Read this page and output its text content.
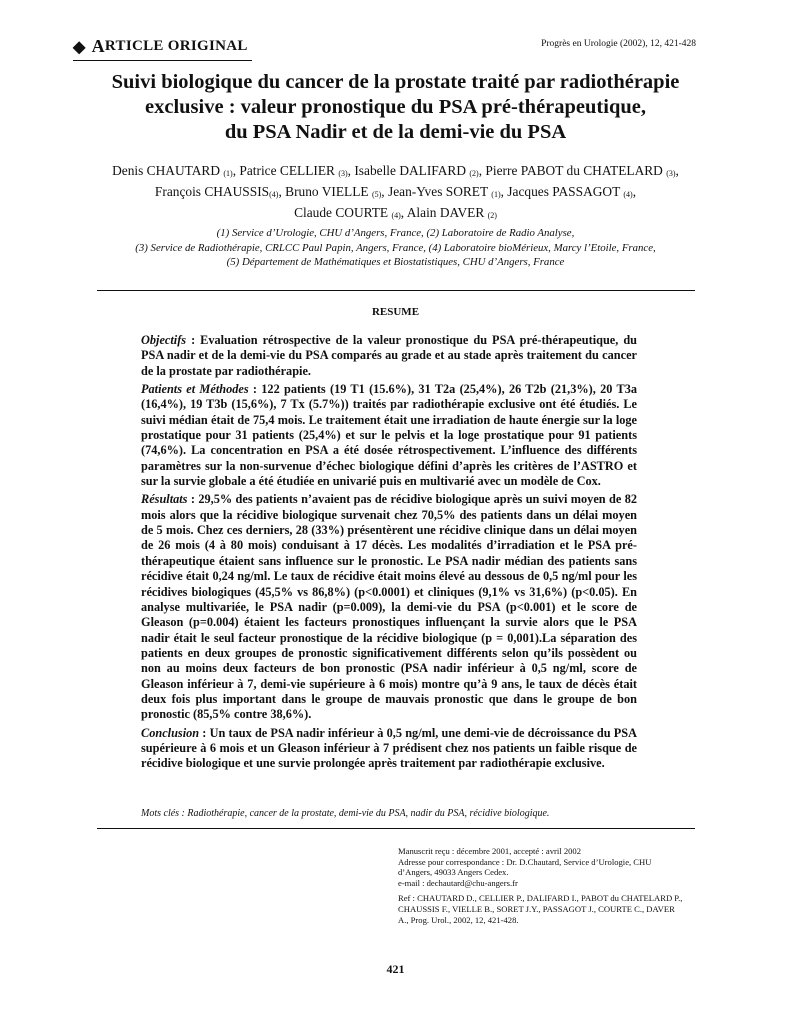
◆ A RTICLE ORIGINAL	Progrès en Urologie (2002), 12, 421-428
Suivi biologique du cancer de la prostate traité par radiothérapie
exclusive : valeur pronostique du PSA pré-thérapeutique,
du PSA Nadir et de la demi-vie du PSA
Denis CHAUTARD $_{(1)}$, Patrice CELLIER $_{(3)}$, Isabelle DALIFARD $_{(2)}$, Pierre PABOT du CHATELARD $_{(3)}$,
François $CHAUSSIS_{(4)}$, Bruno VIELLE $_{(5)}$, Jean-Yves SORET $_{(1)}$, Jacques PASSAGOT $_{(4)}$,
Claude COURTE $_{(4)}$, Alain DAVER $_{(2)}$
(1) Service d’Urologie, CHU d’Angers, France, (2) Laboratoire de Radio Analyse,
(3) Service de Radiothérapie, CRLCC Paul Papin, Angers, France, (4) Laboratoire bioMérieux, Marcy l’Etoile, France,
(5) Département de Mathématiques et Biostatistiques, CHU d’Angers, France
RESUME

Objectifs : Evaluation rétrospective de la valeur pronostique du PSA pré-thérapeutique, du PSA nadir et de la demi-vie du PSA comparés au grade et au stade après traitement du cancer de la prostate par radiothérapie.

Patients et Méthodes : 122 patients (19 T1 (15.6%), 31 T2a (25,4%), 26 T2b (21,3%), 20 T3a (16,4%), 19 T3b (15,6%), 7 Tx (5.7%)) traités par radiothérapie exclusive ont été étudiés. Le suivi médian était de 75,4 mois. Le traitement était une irradiation de haute énergie sur la loge prostatique pour 31 patients (25,4%) et sur le pelvis et la loge prostatique pour 91 patients (74,6%). La concentration en PSA a été dosée rétrospectivement. L’influence des différents paramètres sur la non-survenue d’échec biologique défini d’après les critères de l’ASTRO et sur la survie globale a été étudiée en univarié puis en multivarié avec un modèle de Cox.

Résultats : 29,5% des patients n’avaient pas de récidive biologique après un suivi moyen de 82 mois alors que la récidive biologique survenait chez 70,5% des patients dans un délai moyen de 5 mois. Chez ces derniers, 28 (33%) présentèrent une récidive clinique dans un délai moyen de 26 mois (4 à 80 mois) conduisant à 17 décès. Les modalités d’irradiation et le PSA pré-thérapeutique étaient sans influence sur le pronostic. Le PSA nadir médian des patients sans récidive était 0,24 ng/ml. Le taux de récidive était moins élevé au dessous de 0,5 ng/ml pour les récidives biologiques (45,5% vs 86,8%) (p<0.0001) et cliniques (9,1% vs 31,6%) (p<0.05). En analyse multivariée, le PSA nadir (p=0.009), la demi-vie du PSA (p<0.001) et le score de Gleason (p=0.004) étaient les facteurs pronostiques influençant la survie alors que le PSA nadir était le seul facteur pronostique de la récidive biologique (p = 0,001).La séparation des patients en deux groupes de pronostic significativement différents selon qu’ils possèdent ou non au moins deux facteurs de bon pronostic (PSA nadir inférieur à 0,5 ng/ml, score de Gleason inférieur à 7, demi-vie supérieure à 6 mois) montre qu’à 9 ans, le taux de décès était deux fois plus important dans le groupe de mauvais pronostic que dans le groupe de bon pronostic (85,5% contre 38,6%).

Conclusion : Un taux de PSA nadir inférieur à 0,5 ng/ml, une demi-vie de décroissance du PSA supérieure à 6 mois et un Gleason inférieur à 7 prédisent chez nos patients un faible risque de récidive biologique et une survie prolongée après traitement par radiothérapie exclusive.

Mots clés : Radiothérapie, cancer de la prostate, demi-vie du PSA, nadir du PSA, récidive biologique.
Manuscrit reçu : décembre 2001, accepté : avril 2002
Adresse pour correspondance : Dr. D.Chautard, Service d’Urologie, CHU
d’Angers, 49033 Angers Cedex.
e-mail : dechautard@chu-angers.fr
Ref : CHAUTARD D., CELLIER P., DALIFARD I., PABOT du CHATELARD P.,
CHAUSSIS F., VIELLE B., SORET J.Y., PASSAGOT J., COURTE C., DAVER
A., Prog. Urol., 2002, 12, 421-428.
421
